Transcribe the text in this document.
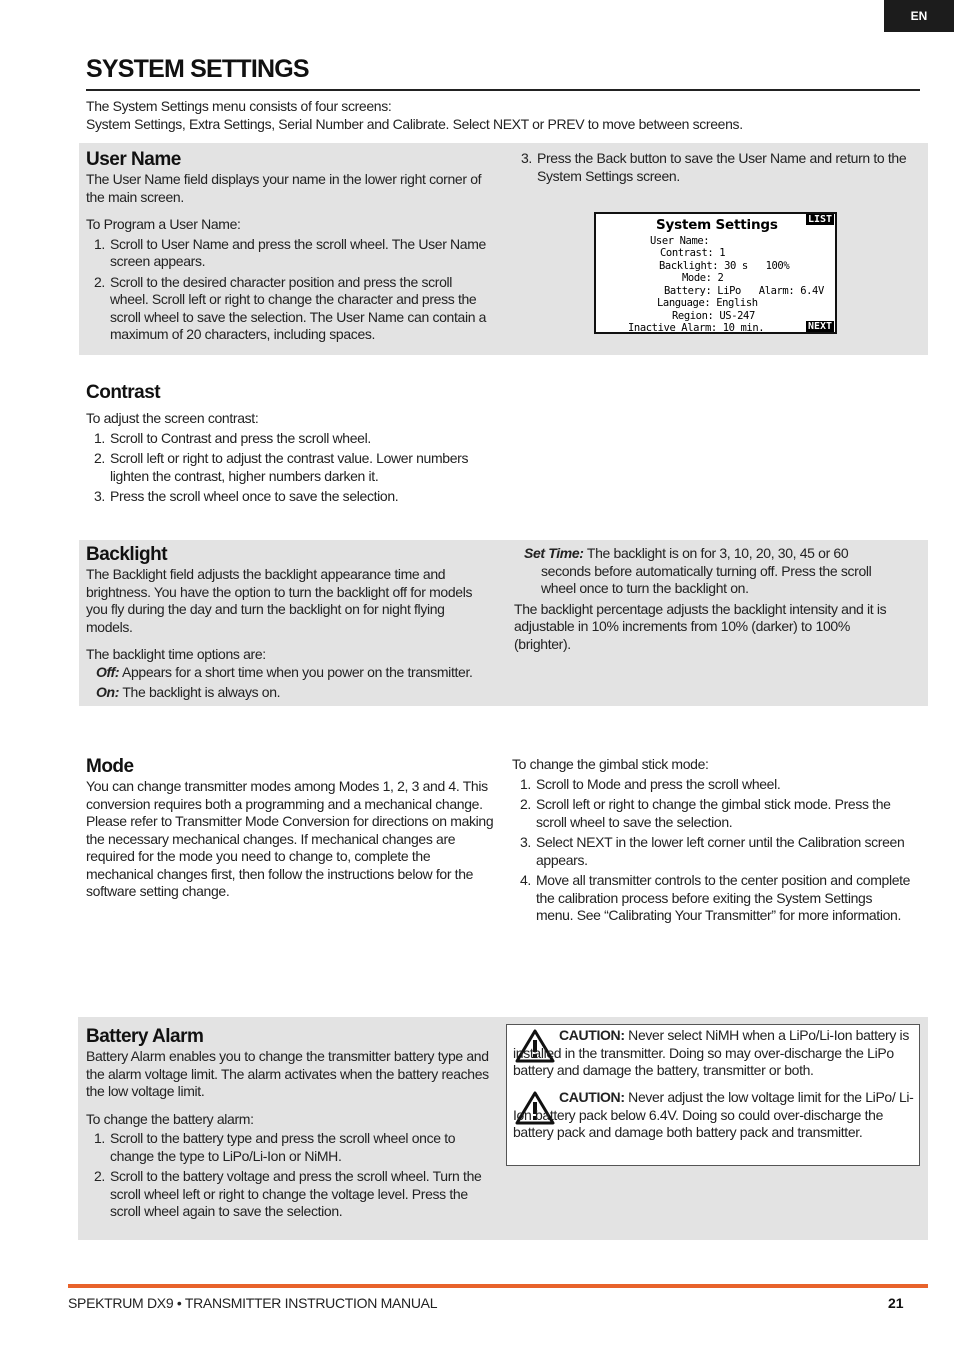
EN
SYSTEM SETTINGS
The System Settings menu consists of four screens:
System Settings, Extra Settings, Serial Number and Calibrate. Select NEXT or PREV to move between screens.
User Name
The User Name field displays your name in the lower right corner of the main screen.
To Program a User Name:
1. Scroll to User Name and press the scroll wheel. The User Name screen appears.
2. Scroll to the desired character position and press the scroll wheel. Scroll left or right to change the character and press the scroll wheel to save the selection. The User Name can contain a maximum of 20 characters, including spaces.
3. Press the Back button to save the User Name and return to the System Settings screen.
System Settings	LIST
User Name:
Contrast: 1
Backlight: 30 s   100%
Mode: 2
Battery: LiPo   Alarm: 6.4V
Language: English
Region: US-247
Inactive Alarm: 10 min.	NEXT
Contrast
To adjust the screen contrast:
1. Scroll to Contrast and press the scroll wheel.
2. Scroll left or right to adjust the contrast value. Lower numbers lighten the contrast, higher numbers darken it.
3. Press the scroll wheel once to save the selection.
Backlight
The Backlight field adjusts the backlight appearance time and brightness. You have the option to turn the backlight off for models you fly during the day and turn the backlight on for night flying models.
The backlight time options are:
Off: Appears for a short time when you power on the transmitter.
On: The backlight is always on.
Set Time: The backlight is on for 3, 10, 20, 30, 45 or 60 seconds before automatically turning off. Press the scroll wheel once to turn the backlight on.
The backlight percentage adjusts the backlight intensity and it is adjustable in 10% increments from 10% (darker) to 100% (brighter).
Mode
You can change transmitter modes among Modes 1, 2, 3 and 4. This conversion requires both a programming and a mechanical change. Please refer to Transmitter Mode Conversion for directions on making the necessary mechanical changes. If mechanical changes are required for the mode you need to change to, complete the mechanical changes first, then follow the instructions below for the software setting change.
To change the gimbal stick mode:
1. Scroll to Mode and press the scroll wheel.
2. Scroll left or right to change the gimbal stick mode. Press the scroll wheel to save the selection.
3. Select NEXT in the lower left corner until the Calibration screen appears.
4. Move all transmitter controls to the center position and complete the calibration process before exiting the System Settings menu. See “Calibrating Your Transmitter” for more information.
Battery Alarm
Battery Alarm enables you to change the transmitter battery type and the alarm voltage limit. The alarm activates when the battery reaches the low voltage limit.
To change the battery alarm:
1. Scroll to the battery type and press the scroll wheel once to change the type to LiPo/Li-Ion or NiMH.
2. Scroll to the battery voltage and press the scroll wheel. Turn the scroll wheel left or right to change the voltage level. Press the scroll wheel again to save the selection.
CAUTION: Never select NiMH when a LiPo/Li-Ion battery is installed in the transmitter. Doing so may over-discharge the LiPo battery and damage the battery, transmitter or both.
CAUTION: Never adjust the low voltage limit for the LiPo/ Li-Ion battery pack below 6.4V. Doing so could over-discharge the battery pack and damage both battery pack and transmitter.
SPEKTRUM DX9 • TRANSMITTER INSTRUCTION MANUAL	21
